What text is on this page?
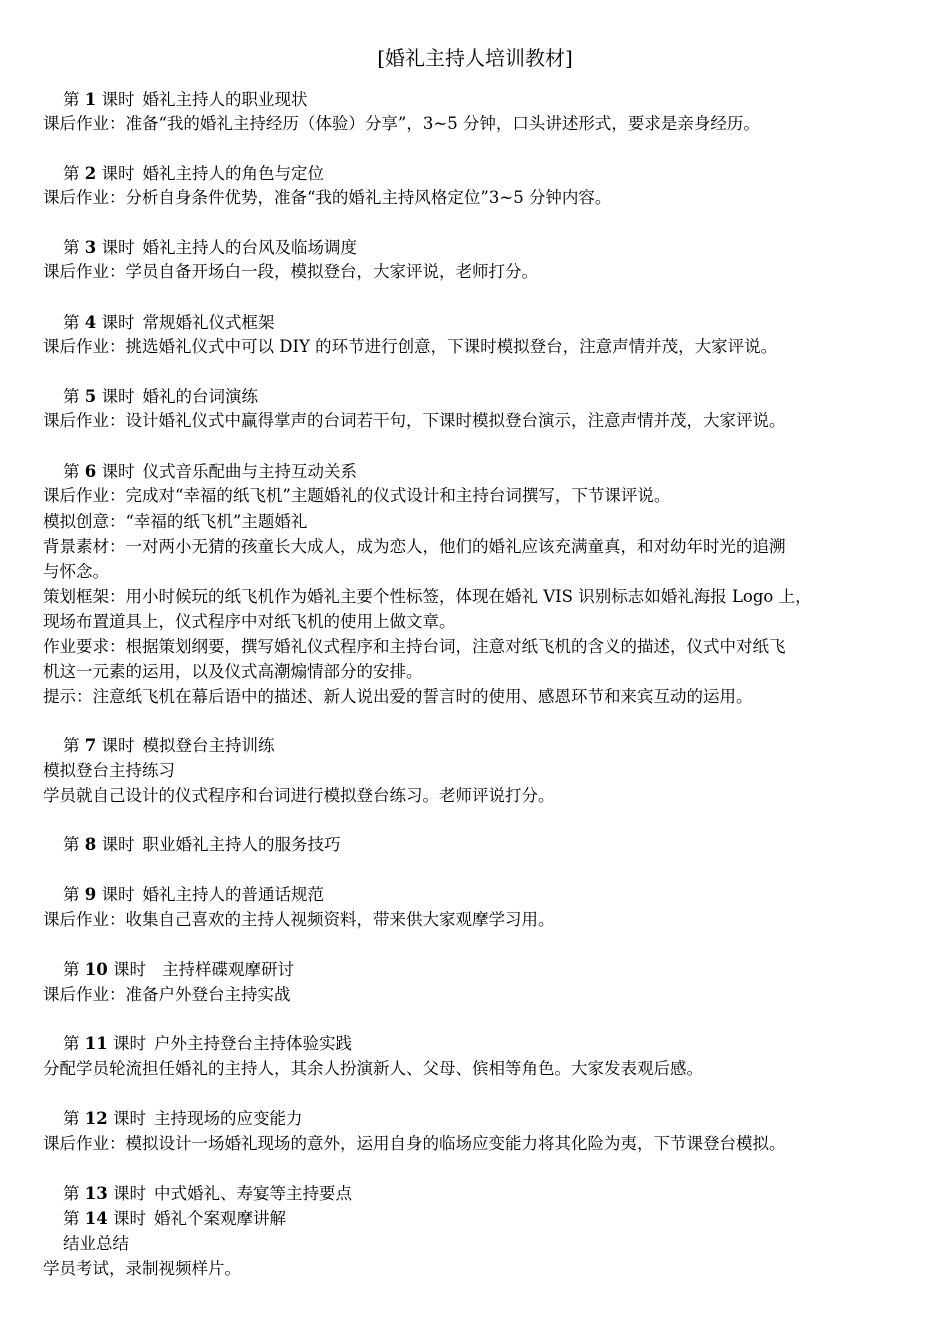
[婚礼主持人培训教材]
第 1 课时 婚礼主持人的职业现状
课后作业：准备“我的婚礼主持经历（体验）分享”，3~5 分钟，口头讲述形式，要求是亲身经历。
第 2 课时 婚礼主持人的角色与定位
课后作业：分析自身条件优势，准备“我的婚礼主持风格定位”3~5 分钟内容。
第 3 课时 婚礼主持人的台风及临场调度
课后作业：学员自备开场白一段，模拟登台，大家评说，老师打分。
第 4 课时 常规婚礼仪式框架
课后作业：挑选婚礼仪式中可以 DIY 的环节进行创意，下课时模拟登台，注意声情并茂，大家评说。
第 5 课时 婚礼的台词演练
课后作业：设计婚礼仪式中赢得掌声的台词若干句，下课时模拟登台演示，注意声情并茂，大家评说。
第 6 课时 仪式音乐配曲与主持互动关系
课后作业：完成对“幸福的纸飞机”主题婚礼的仪式设计和主持台词撰写，下节课评说。
模拟创意：“幸福的纸飞机”主题婚礼
背景素材：一对两小无猜的孩童长大成人，成为恋人，他们的婚礼应该充满童真，和对幼年时光的追溯
与怀念。
策划框架：用小时候玩的纸飞机作为婚礼主要个性标签，体现在婚礼 VIS 识别标志如婚礼海报 Logo 上，
现场布置道具上，仪式程序中对纸飞机的使用上做文章。
作业要求：根据策划纲要，撰写婚礼仪式程序和主持台词，注意对纸飞机的含义的描述，仪式中对纸飞
机这一元素的运用，以及仪式高潮煽情部分的安排。
提示：注意纸飞机在幕后语中的描述、新人说出爱的誓言时的使用、感恩环节和来宾互动的运用。
第 7 课时 模拟登台主持训练
模拟登台主持练习
学员就自己设计的仪式程序和台词进行模拟登台练习。老师评说打分。
第 8 课时 职业婚礼主持人的服务技巧
第 9 课时 婚礼主持人的普通话规范
课后作业：收集自己喜欢的主持人视频资料，带来供大家观摩学习用。
第 10 课时 主持样碟观摩研讨
课后作业：准备户外登台主持实战
第 11 课时 户外主持登台主持体验实践
分配学员轮流担任婚礼的主持人，其余人扮演新人、父母、傧相等角色。大家发表观后感。
第 12 课时 主持现场的应变能力
课后作业：模拟设计一场婚礼现场的意外，运用自身的临场应变能力将其化险为夷，下节课登台模拟。
第 13 课时 中式婚礼、寿宴等主持要点
第 14 课时 婚礼个案观摩讲解
结业总结
学员考试，录制视频样片。
